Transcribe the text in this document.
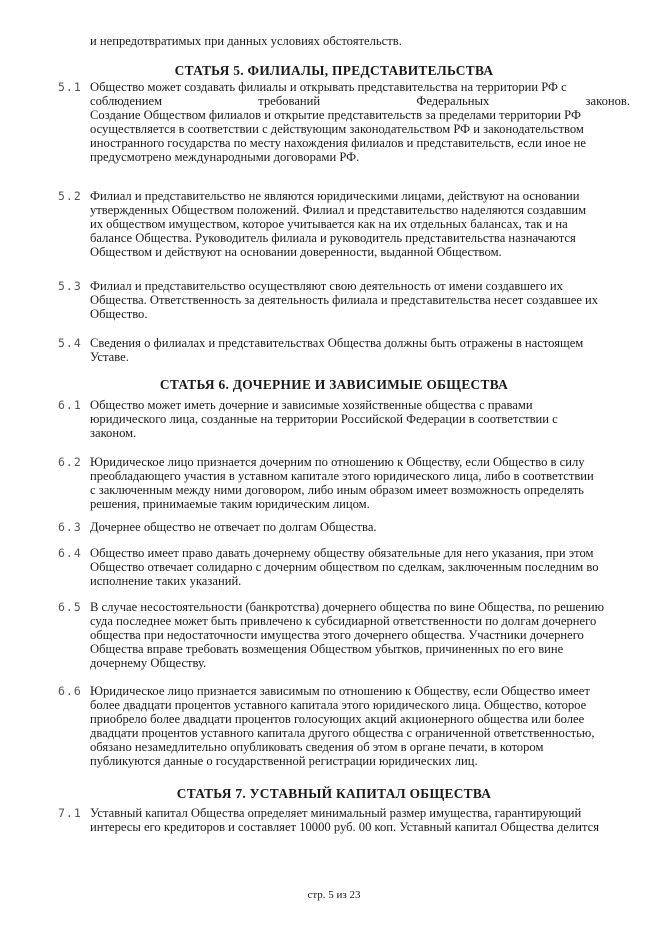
и непредотвратимых при данных условиях обстоятельств.
СТАТЬЯ 5. ФИЛИАЛЫ, ПРЕДСТАВИТЕЛЬСТВА
5.1 Общество может создавать филиалы и открывать представительства на территории РФ с
соблюдением требований Федеральных законов.
Создание Обществом филиалов и открытие представительств за пределами территории РФ
осуществляется в соответствии с действующим законодательством РФ и законодательством
иностранного государства по месту нахождения филиалов и представительств, если иное не
предусмотрено международными договорами РФ.
5.2 Филиал и представительство не являются юридическими лицами, действуют на основании
утвержденных Обществом положений. Филиал и представительство наделяются создавшим
их обществом имуществом, которое учитывается как на их отдельных балансах, так и на
балансе Общества. Руководитель филиала и руководитель представительства назначаются
Обществом и действуют на основании доверенности, выданной Обществом.
5.3 Филиал и представительство осуществляют свою деятельность от имени создавшего их
Общества. Ответственность за деятельность филиала и представительства несет создавшее их
Общество.
5.4 Сведения о филиалах и представительствах Общества должны быть отражены в настоящем
Уставе.
СТАТЬЯ 6. ДОЧЕРНИЕ И ЗАВИСИМЫЕ ОБЩЕСТВА
6.1 Общество может иметь дочерние и зависимые хозяйственные общества с правами
юридического лица, созданные на территории Российской Федерации в соответствии с
законом.
6.2 Юридическое лицо признается дочерним по отношению к Обществу, если Общество в силу
преобладающего участия в уставном капитале этого юридического лица, либо в соответствии
с заключенным между ними договором, либо иным образом имеет возможность определять
решения, принимаемые таким юридическим лицом.
6.3 Дочернее общество не отвечает по долгам Общества.
6.4 Общество имеет право давать дочернему обществу обязательные для него указания, при этом
Общество отвечает солидарно с дочерним обществом по сделкам, заключенным последним во
исполнение таких указаний.
6.5 В случае несостоятельности (банкротства) дочернего общества по вине Общества, по решению
суда последнее может быть привлечено к субсидиарной ответственности по долгам дочернего
общества при недостаточности имущества этого дочернего общества. Участники дочернего
Общества вправе требовать возмещения Обществом убытков, причиненных по его вине
дочернему Обществу.
6.6 Юридическое лицо признается зависимым по отношению к Обществу, если Общество имеет
более двадцати процентов уставного капитала этого юридического лица. Общество, которое
приобрело более двадцати процентов голосующих акций акционерного общества или более
двадцати процентов уставного капитала другого общества с ограниченной ответственностью,
обязано незамедлительно опубликовать сведения об этом в органе печати, в котором
публикуются данные о государственной регистрации юридических лиц.
СТАТЬЯ 7. УСТАВНЫЙ КАПИТАЛ ОБЩЕСТВА
7.1 Уставный капитал Общества определяет минимальный размер имущества, гарантирующий
интересы его кредиторов и составляет 10000 руб. 00 коп. Уставный капитал Общества делится
стр. 5 из 23
